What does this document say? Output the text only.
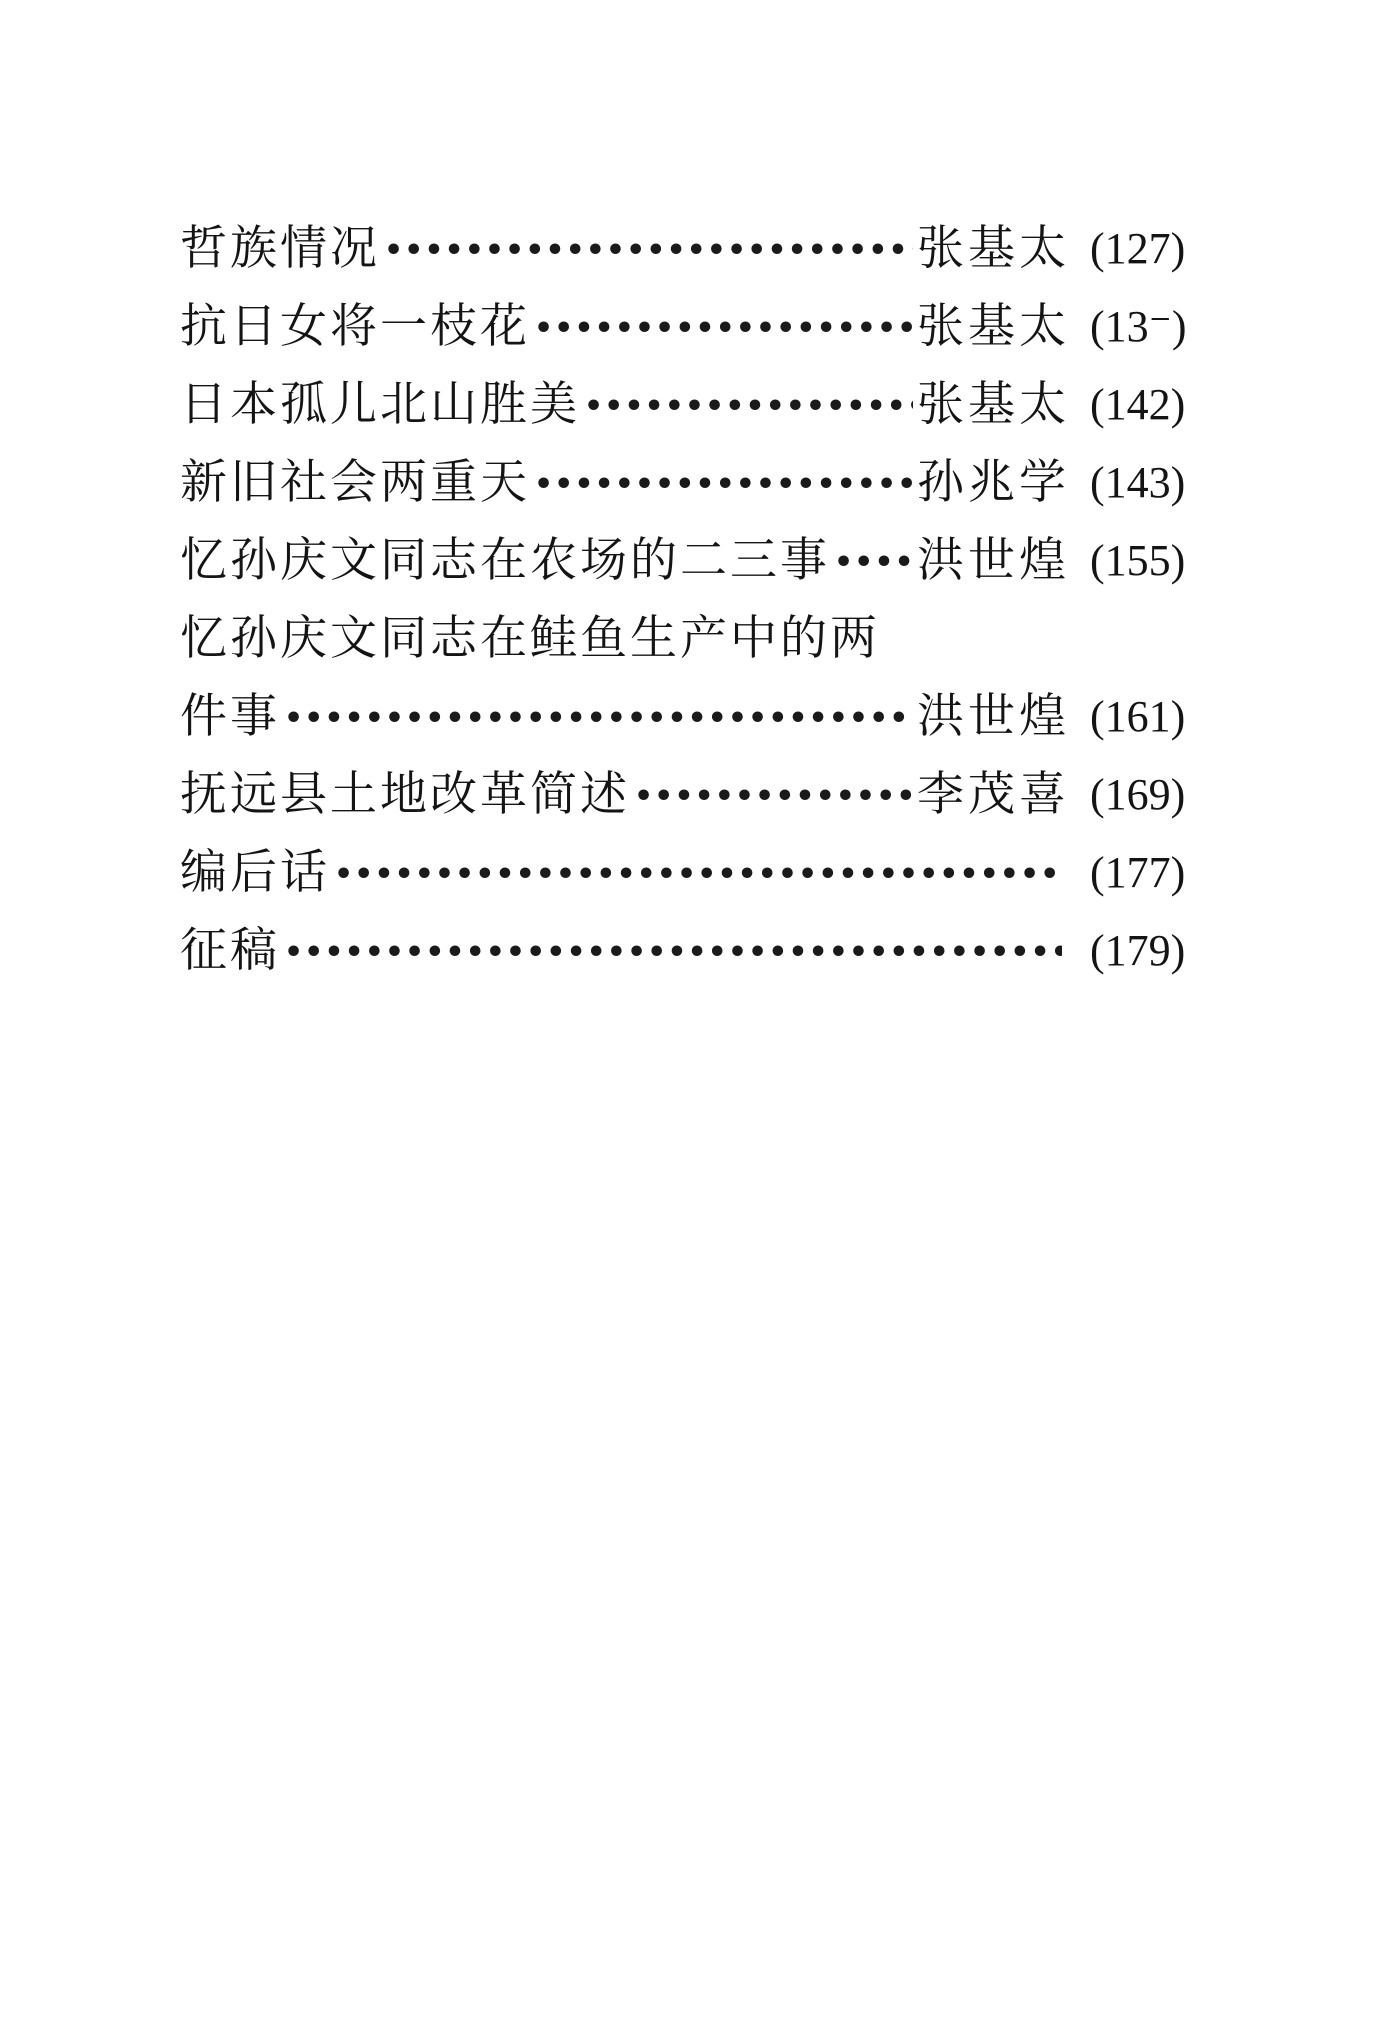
哲族情况 •••••	张基太 (127)
抗日女将一枝花 •••••	张基太 (13⁻)
日本孤儿北山胜美 •••••	张基太 (142)
新旧社会两重天 •••••	孙兆学 (143)
忆孙庆文同志在农场的二三事 ••••• 洪世煌 (155)
忆孙庆文同志在鲑鱼生产中的两
件事 •••••	洪世煌 (161)
抚远县土地改革简述 •••••	李茂喜 (169)
编后话 •••••	(177)
征稿 •••••	(179)
